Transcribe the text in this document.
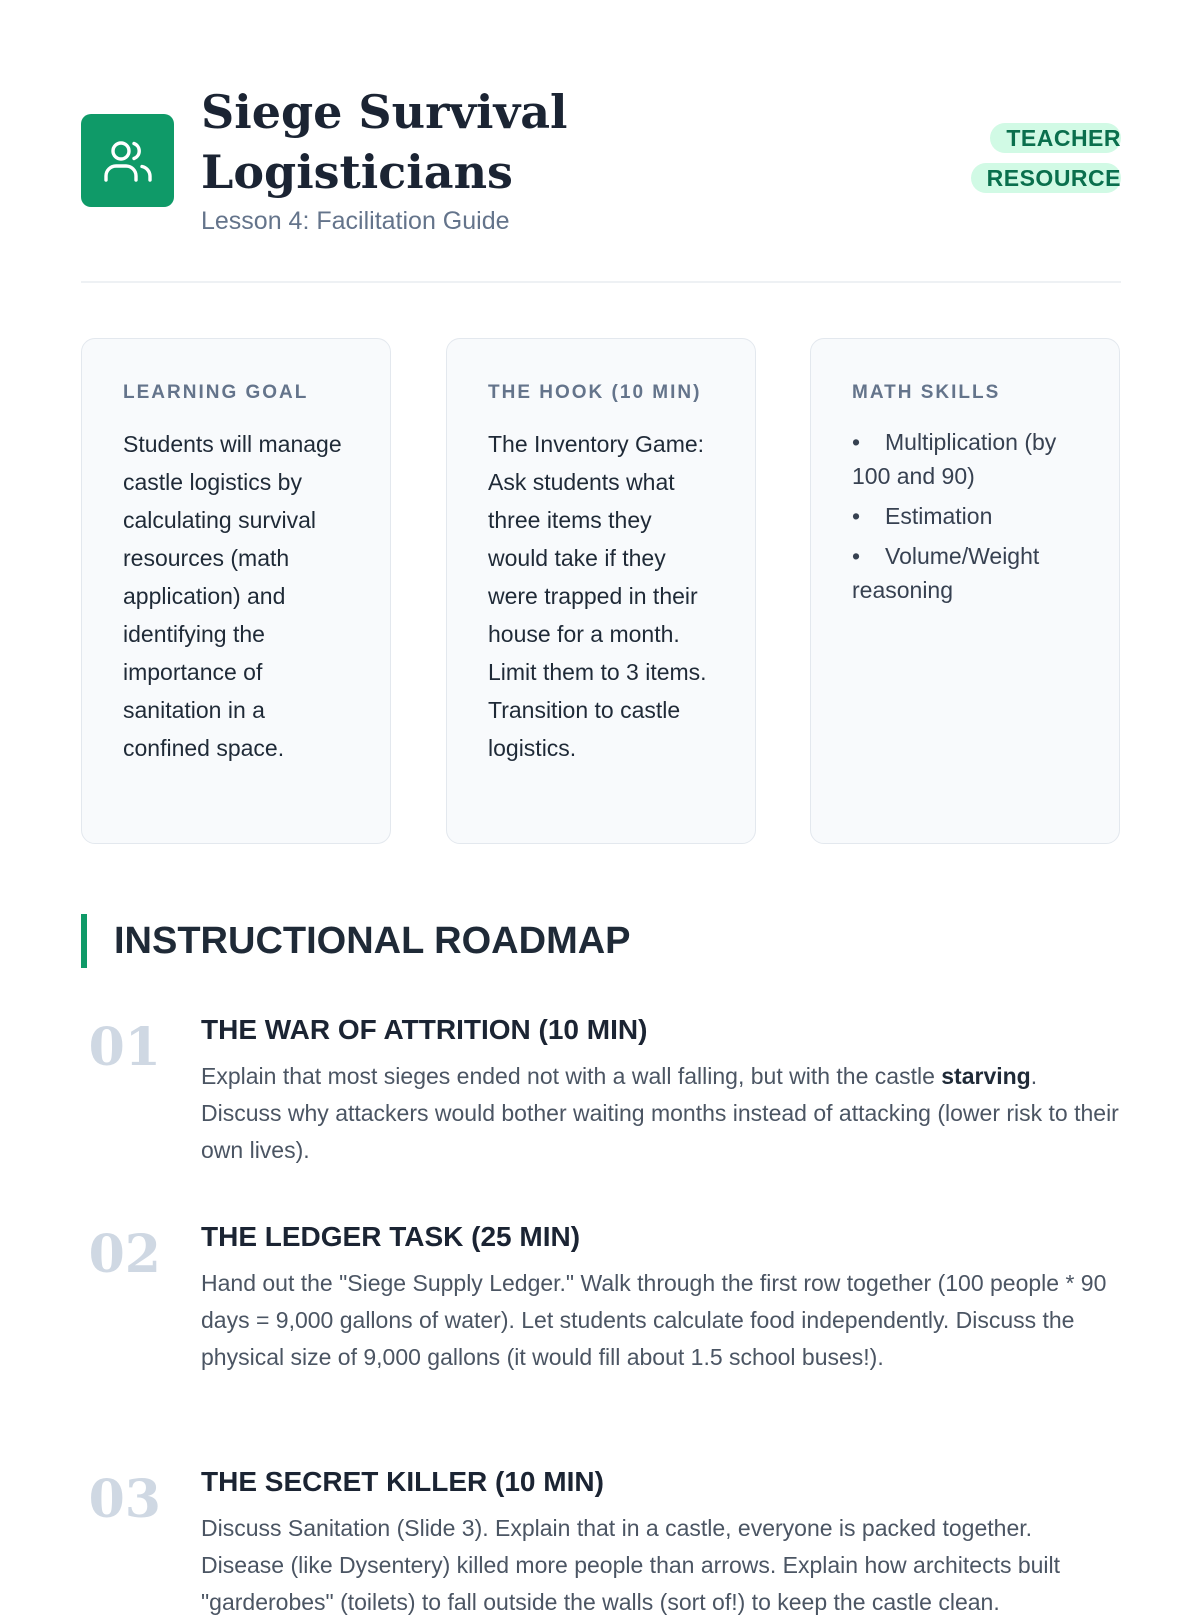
Siege Survival Logisticians

Lesson 4: Facilitation Guide

TEACHER RESOURCE

LEARNING GOAL

Students will manage castle logistics by calculating survival resources (math application) and identifying the importance of sanitation in a confined space.

THE HOOK (10 MIN)

The Inventory Game: Ask students what three items they would take if they were trapped in their house for a month. Limit them to 3 items. Transition to castle logistics.

MATH SKILLS

• Multiplication (by 100 and 90)
• Estimation
• Volume/Weight reasoning
INSTRUCTIONAL ROADMAP
01 THE WAR OF ATTRITION (10 MIN)

Explain that most sieges ended not with a wall falling, but with the castle starving. Discuss why attackers would bother waiting months instead of attacking (lower risk to their own lives).

02 THE LEDGER TASK (25 MIN)

Hand out the "Siege Supply Ledger." Walk through the first row together (100 people * 90 days = 9,000 gallons of water). Let students calculate food independently. Discuss the physical size of 9,000 gallons (it would fill about 1.5 school buses!).

03 THE SECRET KILLER (10 MIN)

Discuss Sanitation (Slide 3). Explain that in a castle, everyone is packed together. Disease (like Dysentery) killed more people than arrows. Explain how architects built "garderobes" (toilets) to fall outside the walls (sort of!) to keep the castle clean.
